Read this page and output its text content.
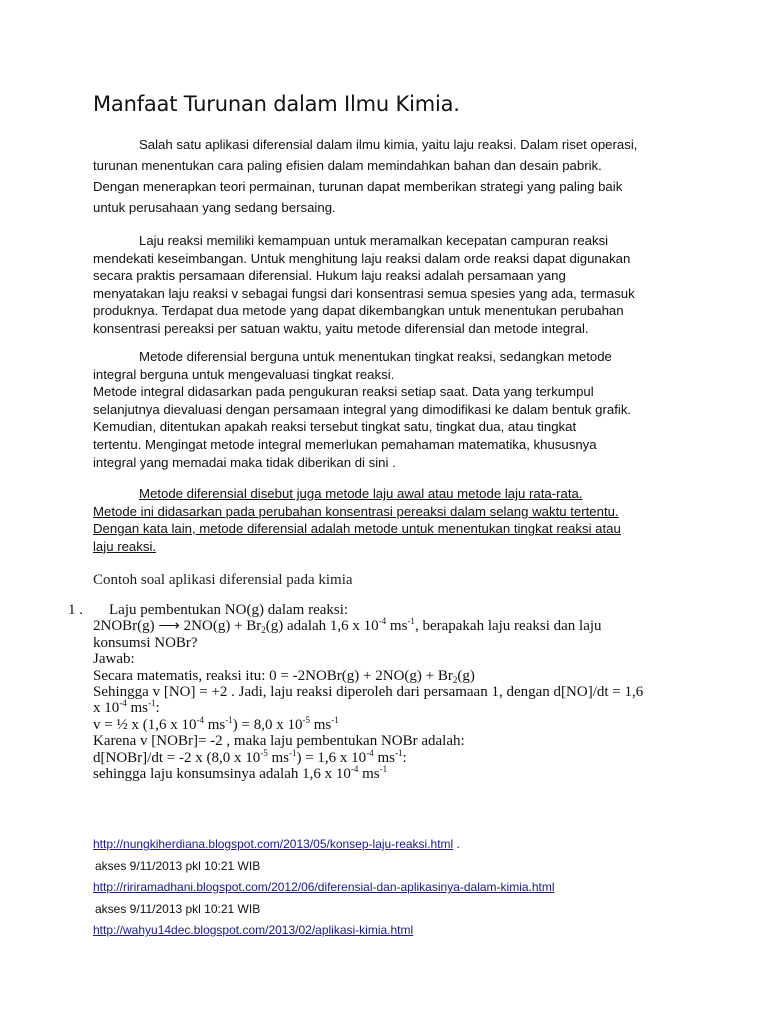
Manfaat Turunan dalam Ilmu Kimia.
Salah satu aplikasi diferensial dalam ilmu kimia, yaitu laju reaksi. Dalam riset operasi,
turunan menentukan cara paling efisien dalam memindahkan bahan dan desain pabrik.
Dengan menerapkan teori permainan, turunan dapat memberikan strategi yang paling baik
untuk perusahaan yang sedang bersaing.
Laju reaksi memiliki kemampuan untuk meramalkan kecepatan campuran reaksi
mendekati keseimbangan. Untuk menghitung laju reaksi dalam orde reaksi dapat digunakan
secara praktis persamaan diferensial. Hukum laju reaksi adalah persamaan yang
menyatakan laju reaksi v sebagai fungsi dari konsentrasi semua spesies yang ada, termasuk
produknya. Terdapat dua metode yang dapat dikembangkan untuk menentukan perubahan
konsentrasi pereaksi per satuan waktu, yaitu metode diferensial dan metode integral.
Metode diferensial berguna untuk menentukan tingkat reaksi, sedangkan metode
integral berguna untuk mengevaluasi tingkat reaksi.
Metode integral didasarkan pada pengukuran reaksi setiap saat. Data yang terkumpul
selanjutnya dievaluasi dengan persamaan integral yang dimodifikasi ke dalam bentuk grafik.
Kemudian, ditentukan apakah reaksi tersebut tingkat satu, tingkat dua, atau tingkat
tertentu. Mengingat metode integral memerlukan pemahaman matematika, khususnya
integral yang memadai maka tidak diberikan di sini .
Metode diferensial disebut juga metode laju awal atau metode laju rata-rata.
Metode ini didasarkan pada perubahan konsentrasi pereaksi dalam selang waktu tertentu.
Dengan kata lain, metode diferensial adalah metode untuk menentukan tingkat reaksi atau
laju reaksi.
Contoh soal aplikasi diferensial pada kimia
1 .	Laju pembentukan NO(g) dalam reaksi:
2NOBr(g) ⟶ $2NO(g) + Br_2(g)$ adalah 1,6 x $10^{-4}$ $ms^{-1}$, berapakah laju reaksi dan laju
konsumsi NOBr?
Jawab:
Secara matematis, reaksi itu: 0 = -2NOBr(g) + $2NO(g) + Br_2(g)$
Sehingga v [NO] = +2 . Jadi, laju reaksi diperoleh dari persamaan 1, dengan d[NO]/dt = 1,6
x $10^{-4}$ $ms^{-1}$:
v = ½ x (1,6 x $10^{-4}$ $ms^{-1}) = 8,0$ x $10^{-5}$ $ms^{-1}$
Karena v [NOBr]= -2 , maka laju pembentukan NOBr adalah:
d[NOBr]/dt = -2 x (8,0 x $10^{-5}$ $ms^{-1}) = 1,6$ x $10^{-4}$ $ms^{-1}$:
sehingga laju konsumsinya adalah 1,6 x $10^{-4}$ $ms^{-1}$
http://nungkiherdiana.blogspot.com/2013/05/konsep-laju-reaksi.html .
akses 9/11/2013 pkl 10:21 WIB
http://ririramadhani.blogspot.com/2012/06/diferensial-dan-aplikasinya-dalam-kimia.html
akses 9/11/2013 pkl 10:21 WIB
http://wahyu14dec.blogspot.com/2013/02/aplikasi-kimia.html
